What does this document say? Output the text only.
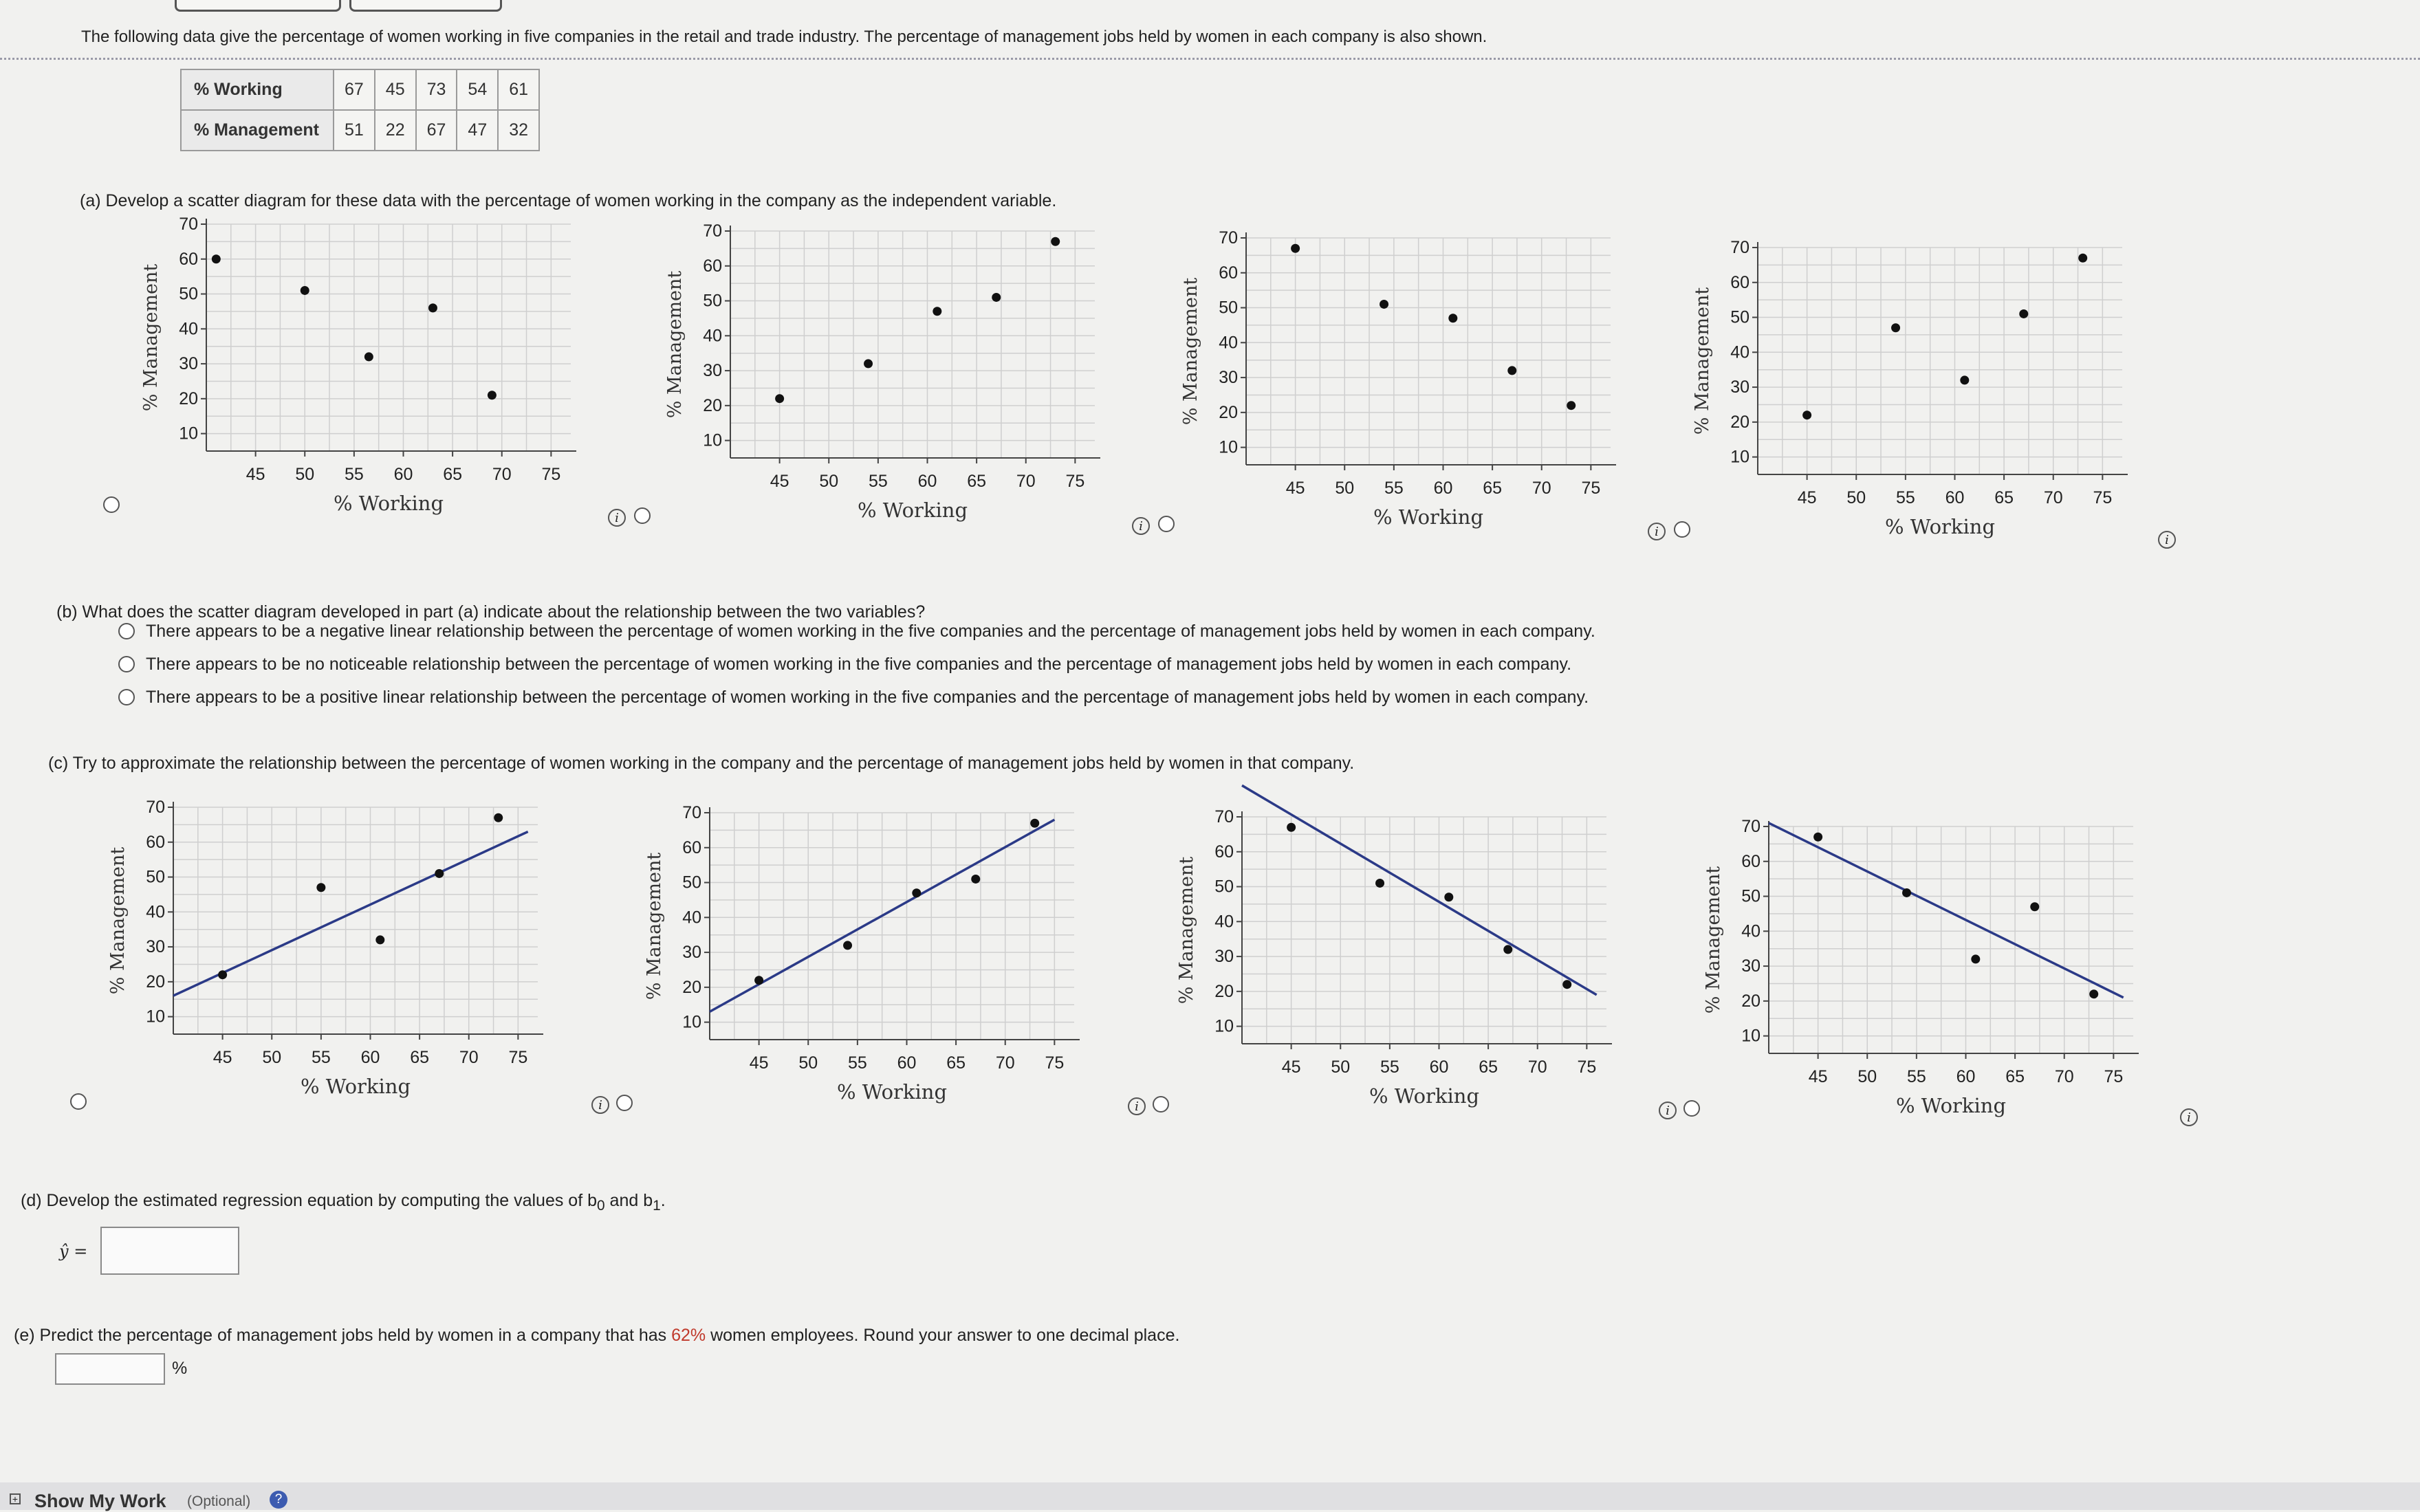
The following data give the percentage of women working in five companies in the retail and trade industry. The percentage of management jobs held by women in each company is also shown.
% Working	67	45	73	54	61
% Management	51	22	67	47	32
(a) Develop a scatter diagram for these data with the percentage of women working in the company as the independent variable.
i
i	i
i
(b) What does the scatter diagram developed in part (a) indicate about the relationship between the two variables?
There appears to be a negative linear relationship between the percentage of women working in the five companies and the percentage of management jobs held by women in each company.
There appears to be no noticeable relationship between the percentage of women working in the five companies and the percentage of management jobs held by women in each company.
There appears to be a positive linear relationship between the percentage of women working in the five companies and the percentage of management jobs held by women in each company.
(c) Try to approximate the relationship between the percentage of women working in the company and the percentage of management jobs held by women in that company.
i	i	i	i
(d) Develop the estimated regression equation by computing the values of $b_0$ and $b_1$.
ŷ =
(e) Predict the percentage of management jobs held by women in a company that has 62% women employees. Round your answer to one decimal place.
%
+ Show My Work (Optional)	?
10
20
30
40
50
60
70
45 50 55 60 65 70 75
% Working
% Management
10
20
30
40
50
60
70
45 50 55 60 65 70 75
% Working
% Management
10
20
30
40
50
60
70
45 50 55 60 65 70 75
% Working
% Management
10
20
30
40
50
60
70
45 50 55 60 65 70 75
% Working
% Management
10
20
30
40
50
60
70
45 50 55 60 65 70 75
% Working
% Management
10
20
30
40
50
60
70
45 50 55 60 65 70 75
% Working
% Management
10
20
30
40
50
60
70
45 50 55 60 65 70 75
% Working
% Management
10
20
30
40
50
60
70
45 50 55 60 65 70 75
% Working
% Management
